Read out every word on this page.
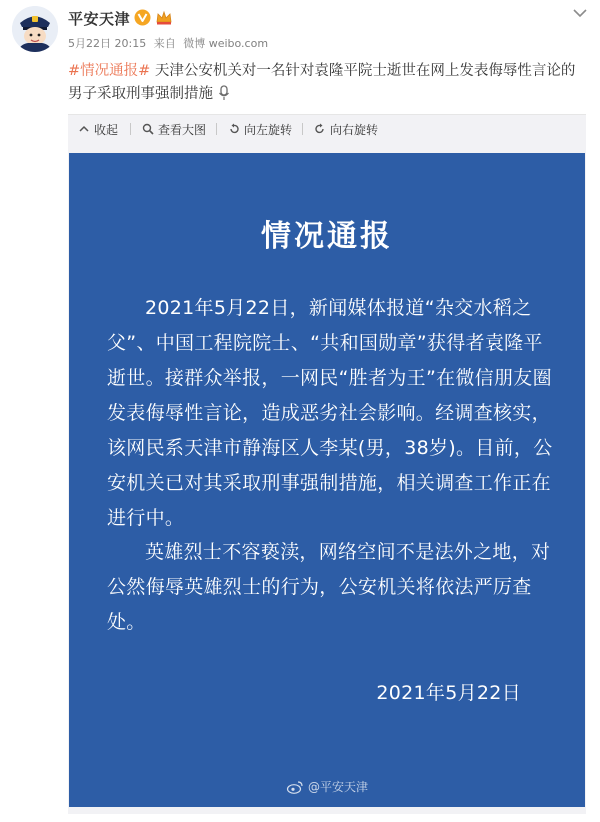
平安天津
5月22日 20:15 来自 微博 weibo.com
#情况通报# 天津公安机关对一名针对袁隆平院士逝世在网上发表侮辱性言论的男子采取刑事强制措施
收起	查看大图	向左旋转	向右旋转
情况通报
2021年5月22日，新闻媒体报道“杂交水稻之父”、中国工程院院士、“共和国勋章”获得者袁隆平逝世。接群众举报，一网民“胜者为王”在微信朋友圈发表侮辱性言论，造成恶劣社会影响。经调查核实，该网民系天津市静海区人李某(男，38岁)。目前，公安机关已对其采取刑事强制措施，相关调查工作正在进行中。
英雄烈士不容亵渎，网络空间不是法外之地，对公然侮辱英雄烈士的行为，公安机关将依法严厉查处。
2021年5月22日
@平安天津
